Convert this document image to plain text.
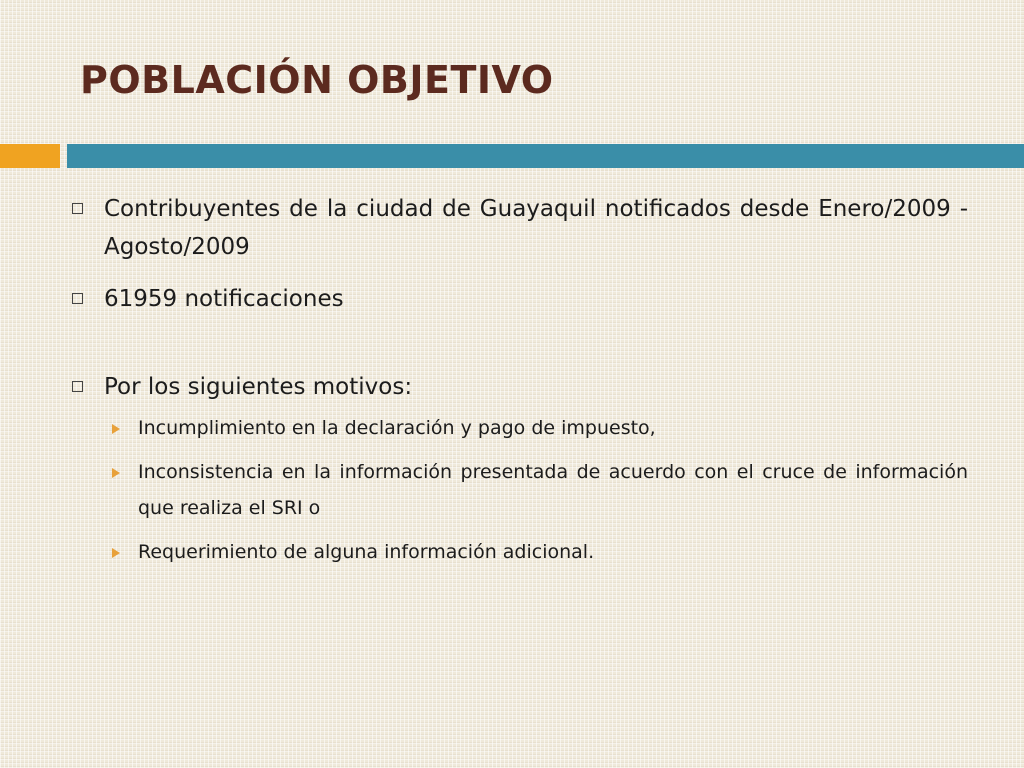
POBLACIÓN OBJETIVO
Contribuyentes de la ciudad de Guayaquil notificados desde Enero/2009 - Agosto/2009
61959 notificaciones
Por los siguientes motivos:
Incumplimiento en la declaración y pago de impuesto,
Inconsistencia en la información presentada de acuerdo con el cruce de información que realiza el SRI o
Requerimiento de alguna información adicional.
